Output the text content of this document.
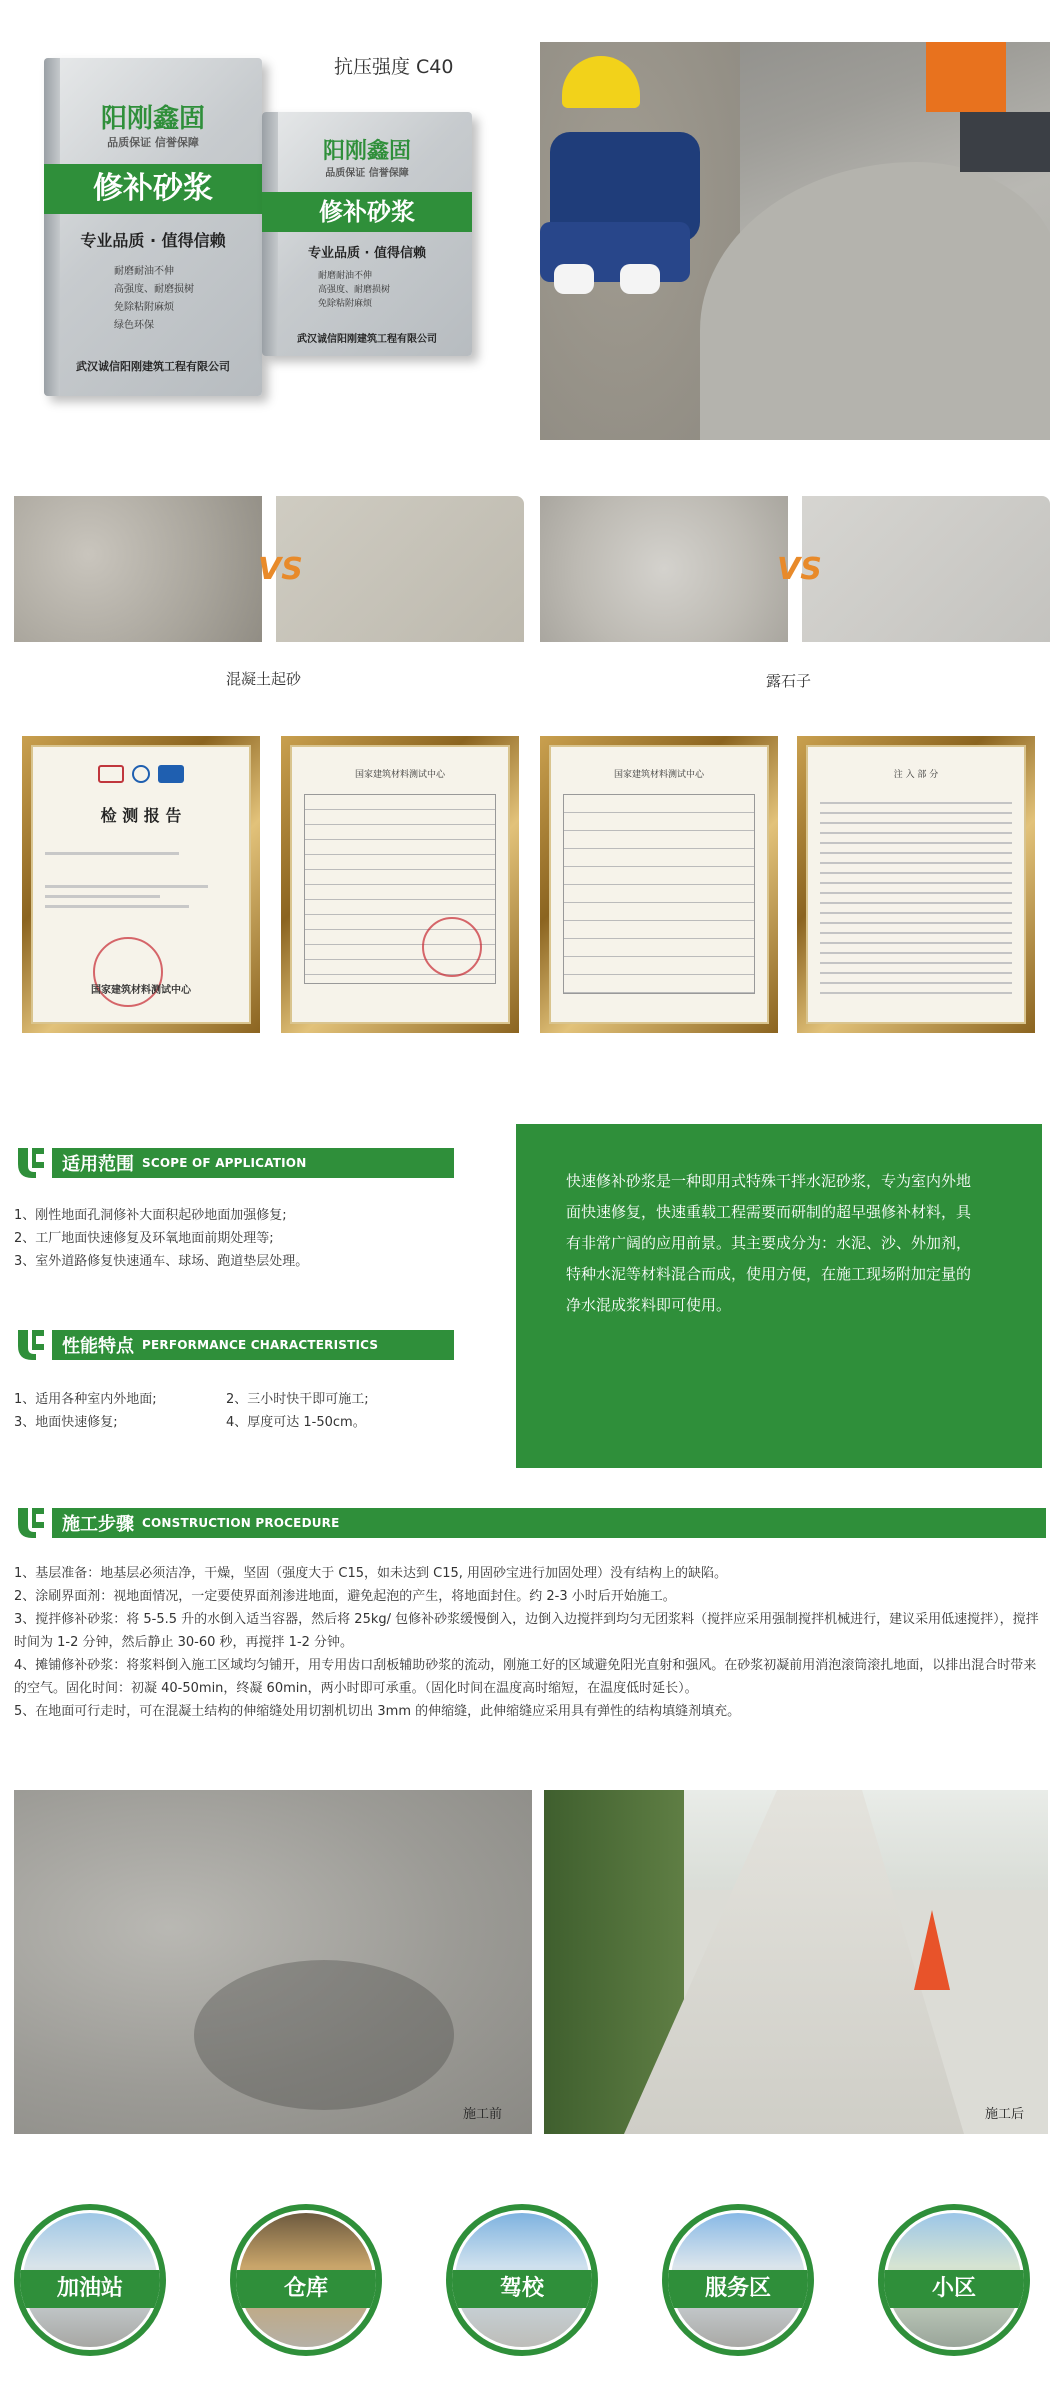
阳刚鑫固
品质保证 信誉保障
修补砂浆
专业品质 · 值得信赖
耐磨耐油不伸
高强度、耐磨损树
免除粘附麻烦
绿色环保
武汉诚信阳刚建筑工程有限公司
阳刚鑫固
品质保证 信誉保障
修补砂浆
专业品质 · 值得信赖
耐磨耐油不伸
高强度、耐磨损树
免除粘附麻烦
武汉诚信阳刚建筑工程有限公司
抗压强度 C40
VS	VS
混凝土起砂	露石子
检 测 报 告
国家建筑材料测试中心
国家建筑材料测试中心	国家建筑材料测试中心	注 入 部 分
适用范围 SCOPE OF APPLICATION
1、刚性地面孔洞修补大面积起砂地面加强修复;
2、工厂地面快速修复及环氧地面前期处理等;
3、室外道路修复快速通车、球场、跑道垫层处理。
性能特点 PERFORMANCE CHARACTERISTICS
1、适用各种室内外地面;	2、三小时快干即可施工;
3、地面快速修复;	4、厚度可达 1-50cm。
快速修补砂浆是一种即用式特殊干拌水泥砂浆，专为室内外地面快速修复，快速重载工程需要而研制的超早强修补材料，具有非常广阔的应用前景。其主要成分为：水泥、沙、外加剂，特种水泥等材料混合而成，使用方便，在施工现场附加定量的净水混成浆料即可使用。
施工步骤 CONSTRUCTION PROCEDURE

1、基层准备：地基层必须洁净，干燥，坚固（强度大于 C15，如未达到 C15, 用固砂宝进行加固处理）没有结构上的缺陷。

2、涂刷界面剂：视地面情况，一定要使界面剂渗进地面，避免起泡的产生，将地面封住。约 2-3 小时后开始施工。

3、搅拌修补砂浆：将 5-5.5 升的水倒入适当容器，然后将 25kg/ 包修补砂浆缓慢倒入，边倒入边搅拌到均匀无团浆料（搅拌应采用强制搅拌机械进行，建议采用低速搅拌），搅拌时间为 1-2 分钟，然后静止 30-60 秒，再搅拌 1-2 分钟。

4、摊铺修补砂浆：将浆料倒入施工区域均匀铺开，用专用齿口刮板辅助砂浆的流动，刚施工好的区域避免阳光直射和强风。在砂浆初凝前用消泡滚筒滚扎地面，以排出混合时带来的空气。固化时间：初凝 40-50min，终凝 60min，两小时即可承重。（固化时间在温度高时缩短，在温度低时延长）。

5、在地面可行走时，可在混凝土结构的伸缩缝处用切割机切出 3mm 的伸缩缝，此伸缩缝应采用具有弹性的结构填缝剂填充。

施工前	施工后
加油站	仓库	驾校	服务区	小区
